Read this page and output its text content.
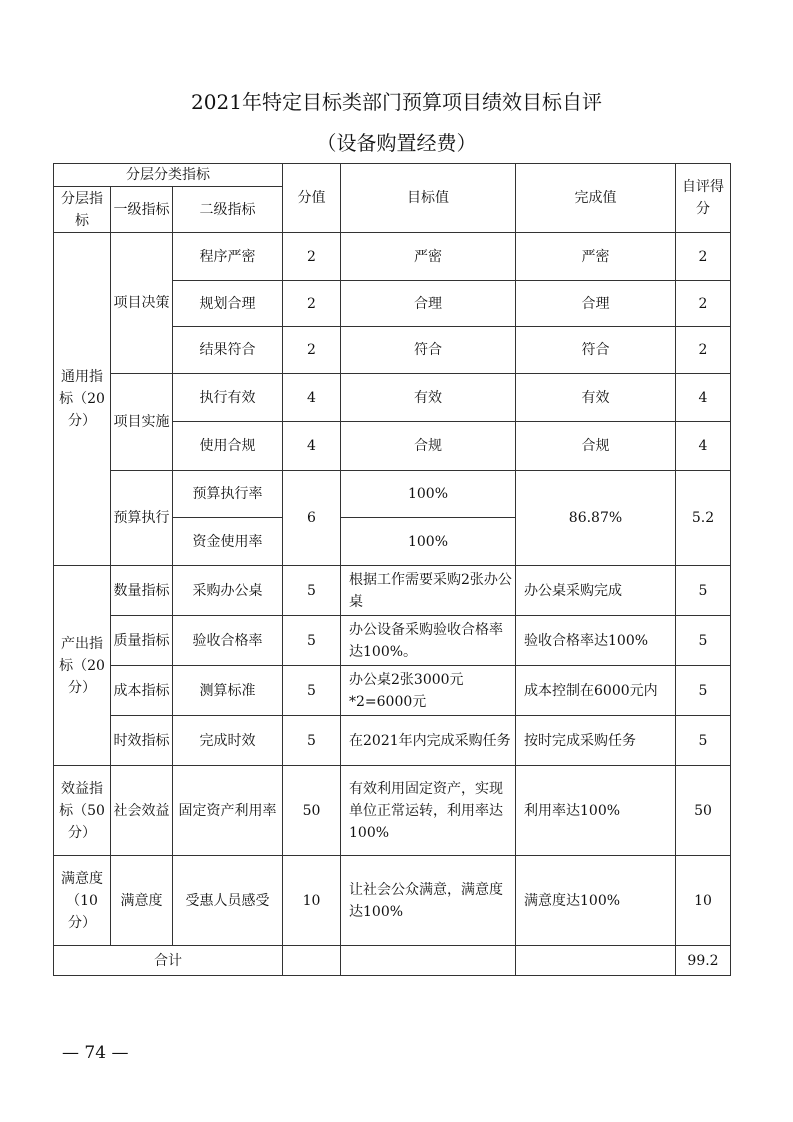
2021年特定目标类部门预算项目绩效目标自评
（设备购置经费）
分层分类指标			分值	目标值	完成值	自评得分
分层指标	一级指标	二级指标				
通用指标（20分）	项目决策	程序严密	2	严密	严密	2
		规划合理	2	合理	合理	2
		结果符合	2	符合	符合	2
	项目实施	执行有效	4	有效	有效	4
		使用合规	4	合规	合规	4
	预算执行	预算执行率	6	100%	86.87%	5.2
		资金使用率		100%		
产出指标（20分）	数量指标	采购办公桌	5	根据工作需要采购2张办公桌	办公桌采购完成	5
	质量指标	验收合格率	5	办公设备采购验收合格率达100%。	验收合格率达100%	5
	成本指标	测算标准	5	办公桌2张3000元*2=6000元	成本控制在6000元内	5
	时效指标	完成时效	5	在2021年内完成采购任务	按时完成采购任务	5
效益指标（50分）	社会效益	固定资产利用率	50	有效利用固定资产，实现单位正常运转，利用率达100%	利用率达100%	50
满意度（10分）	满意度	受惠人员感受	10	让社会公众满意，满意度达100%	满意度达100%	10
合计						99.2
— 74 —
